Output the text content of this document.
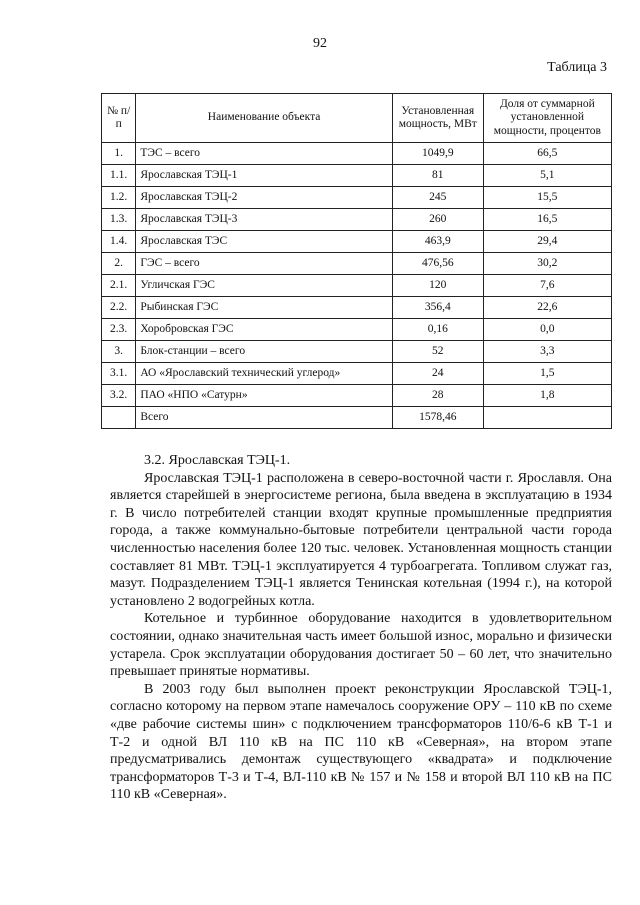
92
Таблица 3
№ п/п	Наименование объекта	Установленная мощность, МВт	Доля от суммарной установленной мощности, процентов
1.	ТЭС – всего	1049,9	66,5
1.1.	Ярославская ТЭЦ-1	81	5,1
1.2.	Ярославская ТЭЦ-2	245	15,5
1.3.	Ярославская ТЭЦ-3	260	16,5
1.4.	Ярославская ТЭС	463,9	29,4
2.	ГЭС – всего	476,56	30,2
2.1.	Угличская ГЭС	120	7,6
2.2.	Рыбинская ГЭС	356,4	22,6
2.3.	Хоробровская ГЭС	0,16	0,0
3.	Блок-станции – всего	52	3,3
3.1.	АО «Ярославский технический углерод»	24	1,5
3.2.	ПАО «НПО «Сатурн»	28	1,8
	Всего	1578,46	

3.2. Ярославская ТЭЦ-1.

Ярославская ТЭЦ-1 расположена в северо-восточной части г. Ярославля. Она является старейшей в энергосистеме региона, была введена в эксплуатацию в 1934 г. В число потребителей станции входят крупные промышленные предприятия города, а также коммунально-бытовые потребители центральной части города численностью населения более 120 тыс. человек. Установленная мощность станции составляет 81 МВт. ТЭЦ-1 эксплуатируется 4 турбоагрегата. Топливом служат газ, мазут. Подразделением ТЭЦ-1 является Тенинская котельная (1994 г.), на которой установлено 2 водогрейных котла.

Котельное и турбинное оборудование находится в удовлетворительном состоянии, однако значительная часть имеет большой износ, морально и физически устарела. Срок эксплуатации оборудования достигает 50 – 60 лет, что значительно превышает принятые нормативы.

В 2003 году был выполнен проект реконструкции Ярославской ТЭЦ-1, согласно которому на первом этапе намечалось сооружение ОРУ – 110 кВ по схеме «две рабочие системы шин» с подключением трансформаторов 110/6-6 кВ Т-1 и Т-2 и одной ВЛ 110 кВ на ПС 110 кВ «Северная», на втором этапе предусматривались демонтаж существующего «квадрата» и подключение трансформаторов Т-3 и Т-4, ВЛ-110 кВ № 157 и № 158 и второй ВЛ 110 кВ на ПС 110 кВ «Северная».
